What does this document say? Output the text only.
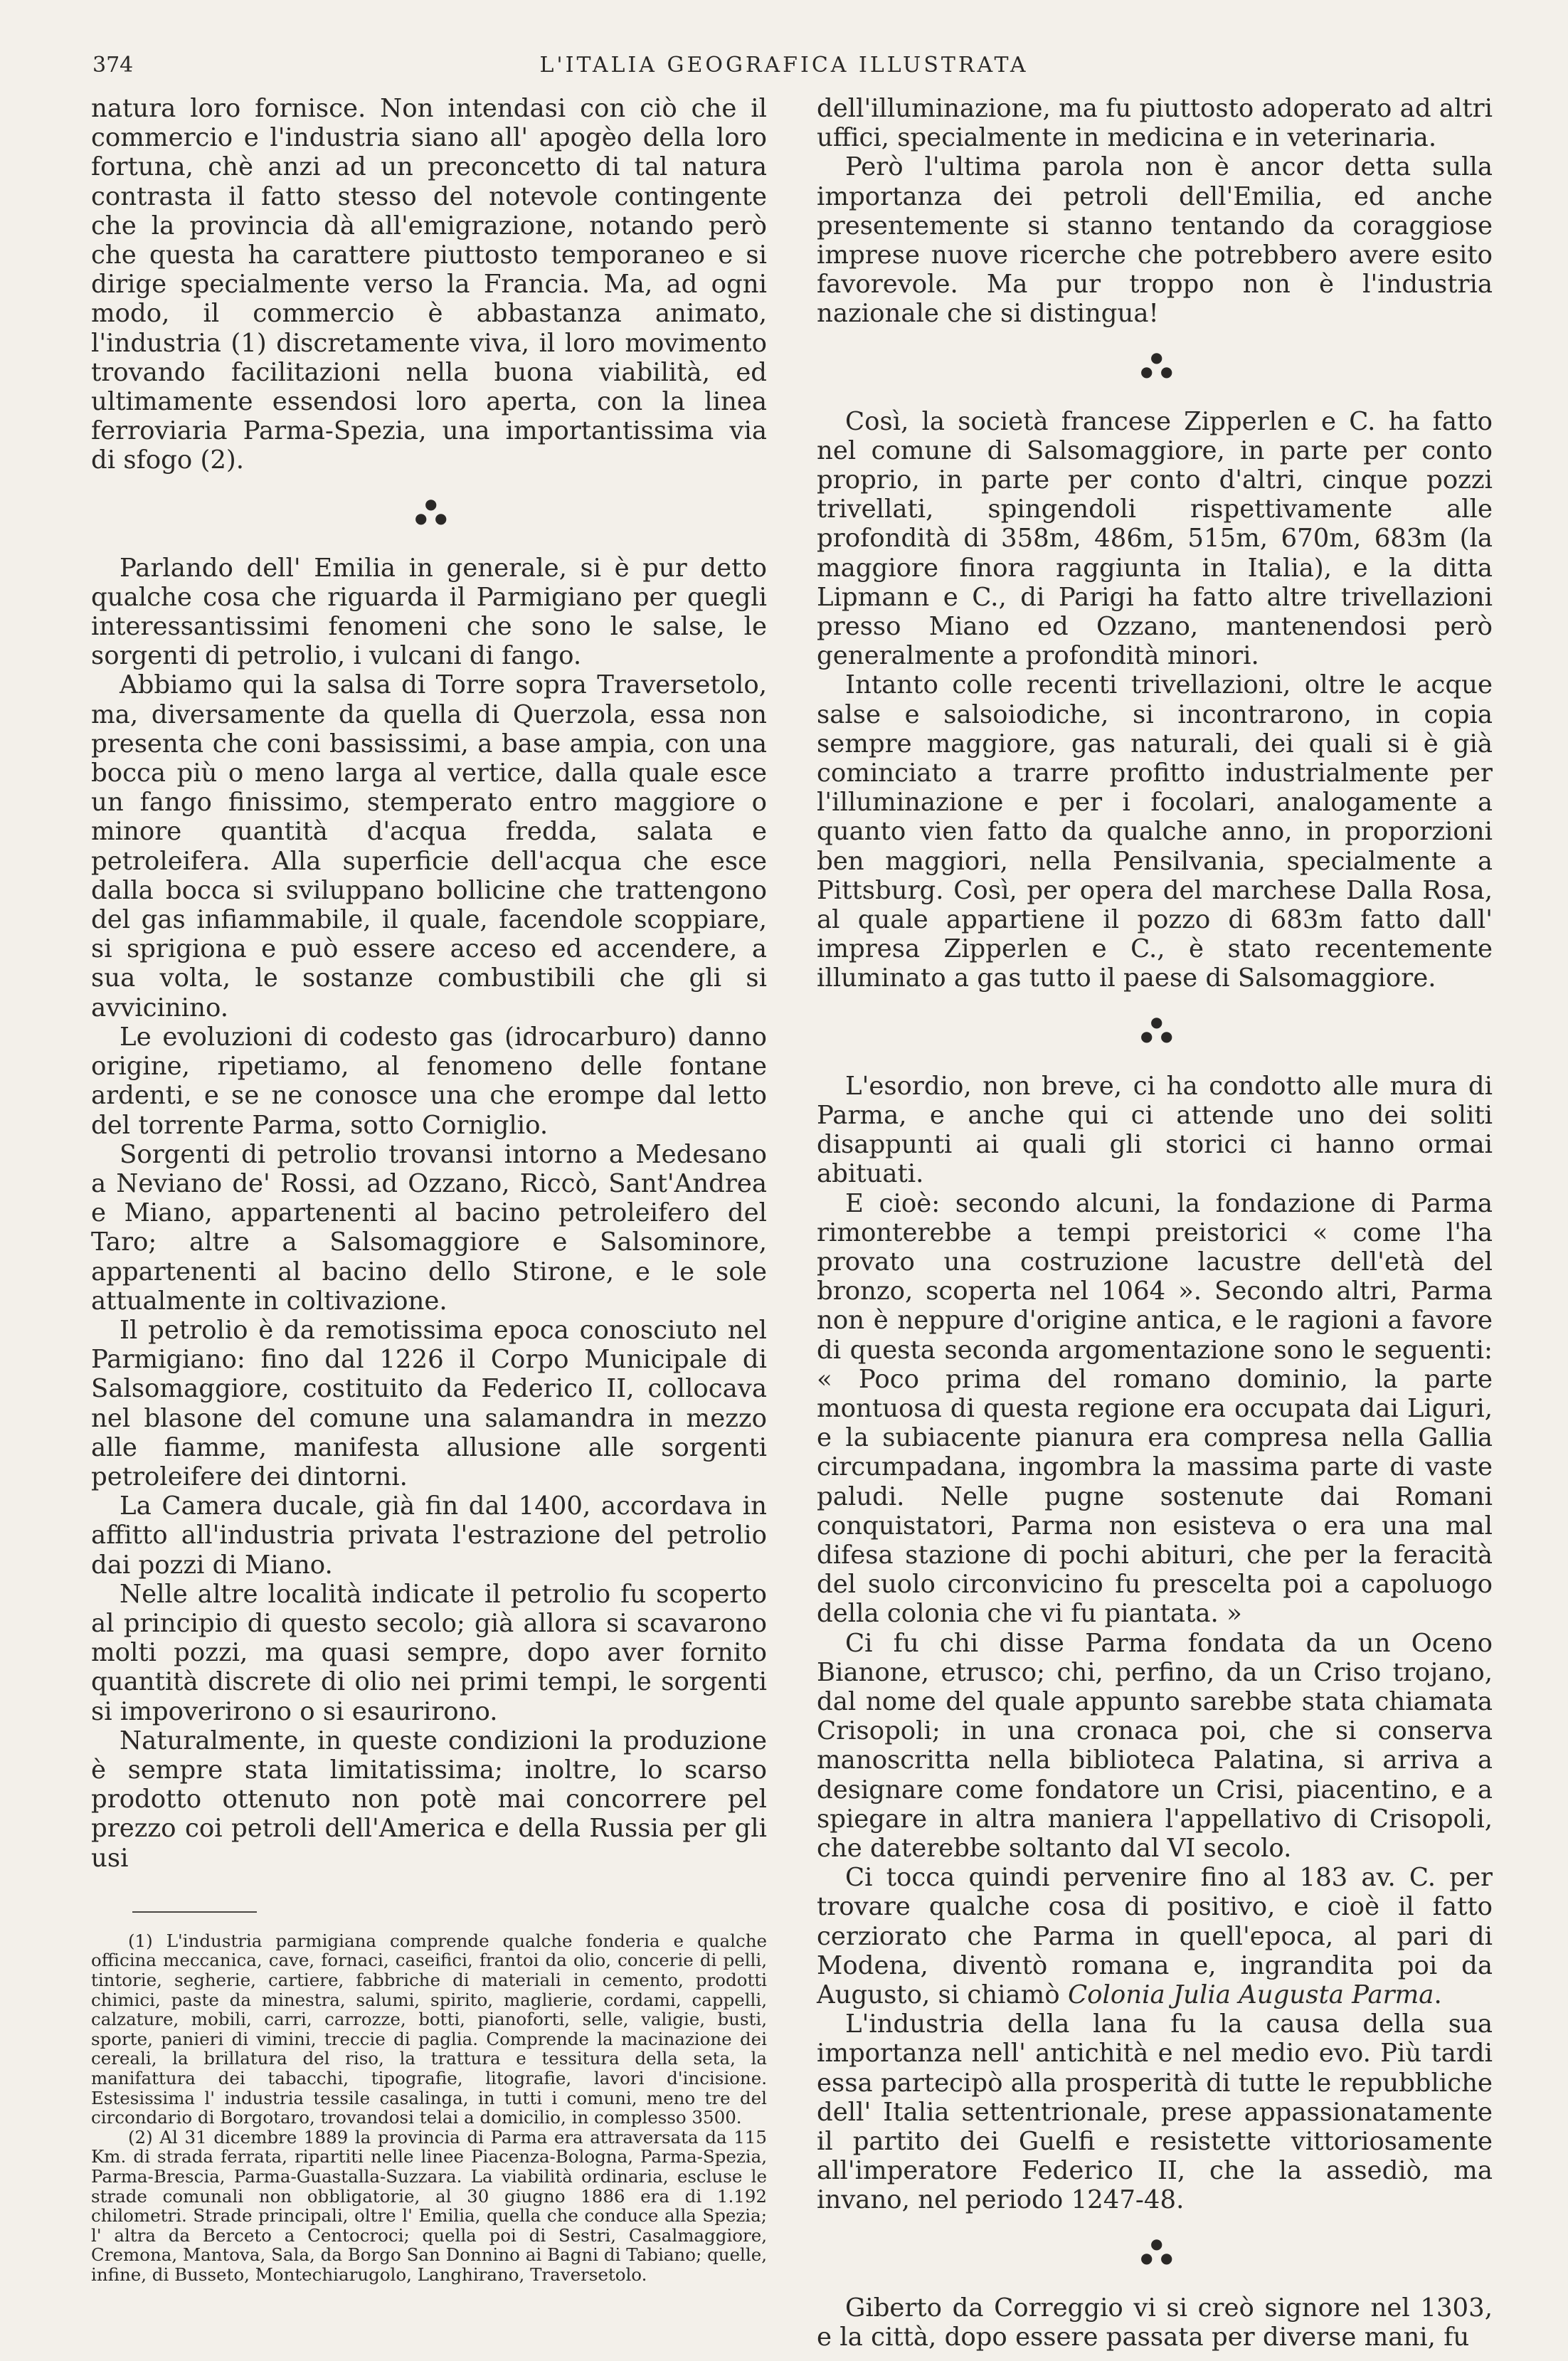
374	L'ITALIA GEOGRAFICA ILLUSTRATA

natura loro fornisce. Non intendasi con ciò che il commercio e l'industria siano all' apogèo della loro fortuna, chè anzi ad un preconcetto di tal natura contrasta il fatto stesso del notevole contingente che la provincia dà all'emigrazione, notando però che questa ha carattere piuttosto temporaneo e si dirige specialmente verso la Francia. Ma, ad ogni modo, il commercio è abbastanza animato, l'industria (1) discretamente viva, il loro movimento trovando facilitazioni nella buona viabilità, ed ultimamente essendosi loro aperta, con la linea ferroviaria Parma-Spezia, una importantissima via di sfogo (2).

●
● ●

Parlando dell' Emilia in generale, si è pur detto qualche cosa che riguarda il Parmigiano per quegli interessantissimi fenomeni che sono le salse, le sorgenti di petrolio, i vulcani di fango.

Abbiamo qui la salsa di Torre sopra Traversetolo, ma, diversamente da quella di Querzola, essa non presenta che coni bassissimi, a base ampia, con una bocca più o meno larga al vertice, dalla quale esce un fango finissimo, stemperato entro maggiore o minore quantità d'acqua fredda, salata e petroleifera. Alla superficie dell'acqua che esce dalla bocca si sviluppano bollicine che trattengono del gas infiammabile, il quale, facendole scoppiare, si sprigiona e può essere acceso ed accendere, a sua volta, le sostanze combustibili che gli si avvicinino.

Le evoluzioni di codesto gas (idrocarburo) danno origine, ripetiamo, al fenomeno delle fontane ardenti, e se ne conosce una che erompe dal letto del torrente Parma, sotto Corniglio.

Sorgenti di petrolio trovansi intorno a Medesano a Neviano de' Rossi, ad Ozzano, Riccò, Sant'Andrea e Miano, appartenenti al bacino petroleifero del Taro; altre a Salsomaggiore e Salsominore, appartenenti al bacino dello Stirone, e le sole attualmente in coltivazione.

Il petrolio è da remotissima epoca conosciuto nel Parmigiano: fino dal 1226 il Corpo Municipale di Salsomaggiore, costituito da Federico II, collocava nel blasone del comune una salamandra in mezzo alle fiamme, manifesta allusione alle sorgenti petroleifere dei dintorni.

La Camera ducale, già fin dal 1400, accordava in affitto all'industria privata l'estrazione del petrolio dai pozzi di Miano.

Nelle altre località indicate il petrolio fu scoperto al principio di questo secolo; già allora si scavarono molti pozzi, ma quasi sempre, dopo aver fornito quantità discrete di olio nei primi tempi, le sorgenti si impoverirono o si esaurirono.

Naturalmente, in queste condizioni la produzione è sempre stata limitatissima; inoltre, lo scarso prodotto ottenuto non potè mai concorrere pel prezzo coi petroli dell'America e della Russia per gli usi

(1) L'industria parmigiana comprende qualche fonderia e qualche officina meccanica, cave, fornaci, caseifici, frantoi da olio, concerie di pelli, tintorie, segherie, cartiere, fabbriche di materiali in cemento, prodotti chimici, paste da minestra, salumi, spirito, maglierie, cordami, cappelli, calzature, mobili, carri, carrozze, botti, pianoforti, selle, valigie, busti, sporte, panieri di vimini, treccie di paglia. Comprende la macinazione dei cereali, la brillatura del riso, la trattura e tessitura della seta, la manifattura dei tabacchi, tipografie, litografie, lavori d'incisione. Estesissima l' industria tessile casalinga, in tutti i comuni, meno tre del circondario di Borgotaro, trovandosi telai a domicilio, in complesso 3500.

(2) Al 31 dicembre 1889 la provincia di Parma era attraversata da 115 Km. di strada ferrata, ripartiti nelle linee Piacenza-Bologna, Parma-Spezia, Parma-Brescia, Parma-Guastalla-Suzzara. La viabilità ordinaria, escluse le strade comunali non obbligatorie, al 30 giugno 1886 era di 1.192 chilometri. Strade principali, oltre l' Emilia, quella che conduce alla Spezia; l' altra da Berceto a Centocroci; quella poi di Sestri, Casalmaggiore, Cremona, Mantova, Sala, da Borgo San Donnino ai Bagni di Tabiano; quelle, infine, di Busseto, Montechiarugolo, Langhirano, Traversetolo.

dell'illuminazione, ma fu piuttosto adoperato ad altri uffici, specialmente in medicina e in veterinaria.

Però l'ultima parola non è ancor detta sulla importanza dei petroli dell'Emilia, ed anche presentemente si stanno tentando da coraggiose imprese nuove ricerche che potrebbero avere esito favorevole. Ma pur troppo non è l'industria nazionale che si distingua!

●
● ●

Così, la società francese Zipperlen e C. ha fatto nel comune di Salsomaggiore, in parte per conto proprio, in parte per conto d'altri, cinque pozzi trivellati, spingendoli rispettivamente alle profondità di 358m, 486m, 515m, 670m, 683m (la maggiore finora raggiunta in Italia), e la ditta Lipmann e C., di Parigi ha fatto altre trivellazioni presso Miano ed Ozzano, mantenendosi però generalmente a profondità minori.

Intanto colle recenti trivellazioni, oltre le acque salse e salsoiodiche, si incontrarono, in copia sempre maggiore, gas naturali, dei quali si è già cominciato a trarre profitto industrialmente per l'illuminazione e per i focolari, analogamente a quanto vien fatto da qualche anno, in proporzioni ben maggiori, nella Pensilvania, specialmente a Pittsburg. Così, per opera del marchese Dalla Rosa, al quale appartiene il pozzo di 683m fatto dall' impresa Zipperlen e C., è stato recentemente illuminato a gas tutto il paese di Salsomaggiore.

●
● ●

L'esordio, non breve, ci ha condotto alle mura di Parma, e anche qui ci attende uno dei soliti disappunti ai quali gli storici ci hanno ormai abituati.

E cioè: secondo alcuni, la fondazione di Parma rimonterebbe a tempi preistorici « come l'ha provato una costruzione lacustre dell'età del bronzo, scoperta nel 1064 ». Secondo altri, Parma non è neppure d'origine antica, e le ragioni a favore di questa seconda argomentazione sono le seguenti: « Poco prima del romano dominio, la parte montuosa di questa regione era occupata dai Liguri, e la subiacente pianura era compresa nella Gallia circumpadana, ingombra la massima parte di vaste paludi. Nelle pugne sostenute dai Romani conquistatori, Parma non esisteva o era una mal difesa stazione di pochi abituri, che per la feracità del suolo circonvicino fu prescelta poi a capoluogo della colonia che vi fu piantata. »

Ci fu chi disse Parma fondata da un Oceno Bianone, etrusco; chi, perfino, da un Criso trojano, dal nome del quale appunto sarebbe stata chiamata Crisopoli; in una cronaca poi, che si conserva manoscritta nella biblioteca Palatina, si arriva a designare come fondatore un Crisi, piacentino, e a spiegare in altra maniera l'appellativo di Crisopoli, che daterebbe soltanto dal VI secolo.

Ci tocca quindi pervenire fino al 183 av. C. per trovare qualche cosa di positivo, e cioè il fatto cerziorato che Parma in quell'epoca, al pari di Modena, diventò romana e, ingrandita poi da Augusto, si chiamò Colonia Julia Augusta Parma.

L'industria della lana fu la causa della sua importanza nell' antichità e nel medio evo. Più tardi essa partecipò alla prosperità di tutte le repubbliche dell' Italia settentrionale, prese appassionatamente il partito dei Guelfi e resistette vittoriosamente all'imperatore Federico II, che la assediò, ma invano, nel periodo 1247-48.

●
● ●

Giberto da Correggio vi si creò signore nel 1303, e la città, dopo essere passata per diverse mani, fu
